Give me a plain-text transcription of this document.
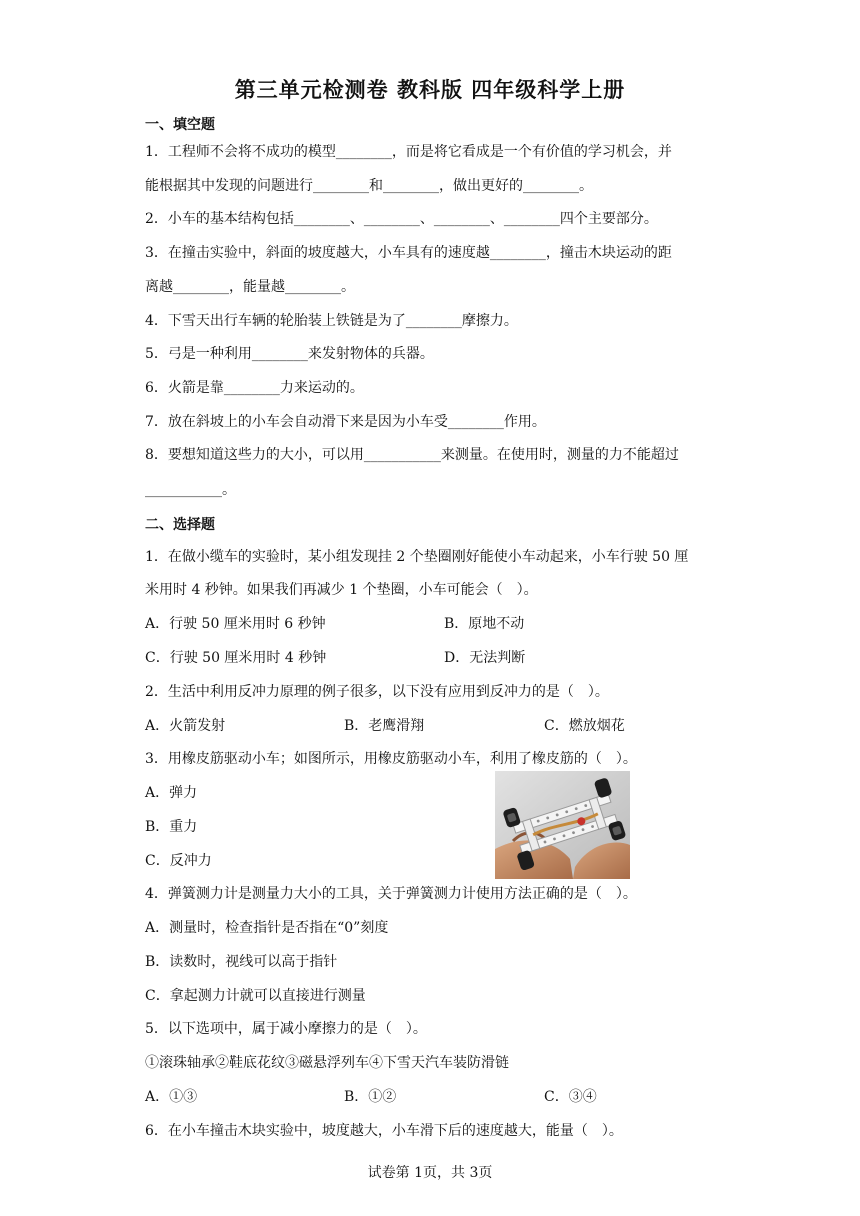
第三单元检测卷 教科版 四年级科学上册
一、填空题
1．工程师不会将不成功的模型________，而是将它看成是一个有价值的学习机会，并
能根据其中发现的问题进行________和________，做出更好的________。
2．小车的基本结构包括________、________、________、________四个主要部分。
3．在撞击实验中，斜面的坡度越大，小车具有的速度越________，撞击木块运动的距
离越________，能量越________。
4．下雪天出行车辆的轮胎装上铁链是为了________摩擦力。
5．弓是一种利用________来发射物体的兵器。
6．火箭是靠________力来运动的。
7．放在斜坡上的小车会自动滑下来是因为小车受________作用。
8．要想知道这些力的大小，可以用___________来测量。在使用时，测量的力不能超过
___________。
二、选择题
1．在做小缆车的实验时，某小组发现挂 2 个垫圈刚好能使小车动起来，小车行驶 50 厘
米用时 4 秒钟。如果我们再减少 1 个垫圈，小车可能会（　）。
A．行驶 50 厘米用时 6 秒钟	B．原地不动
C．行驶 50 厘米用时 4 秒钟	D．无法判断
2．生活中利用反冲力原理的例子很多，以下没有应用到反冲力的是（　）。
A．火箭发射	B．老鹰滑翔	C．燃放烟花
3．用橡皮筋驱动小车；如图所示，用橡皮筋驱动小车，利用了橡皮筋的（　）。
A．弹力
B．重力
C．反冲力
4．弹簧测力计是测量力大小的工具，关于弹簧测力计使用方法正确的是（　）。
A．测量时，检查指针是否指在“0”刻度
B．读数时，视线可以高于指针
C．拿起测力计就可以直接进行测量
5．以下选项中，属于减小摩擦力的是（　）。
①滚珠轴承②鞋底花纹③磁悬浮列车④下雪天汽车装防滑链
A．①③	B．①②	C．③④
6．在小车撞击木块实验中，坡度越大，小车滑下后的速度越大，能量（　）。
试卷第 1页，共 3页
